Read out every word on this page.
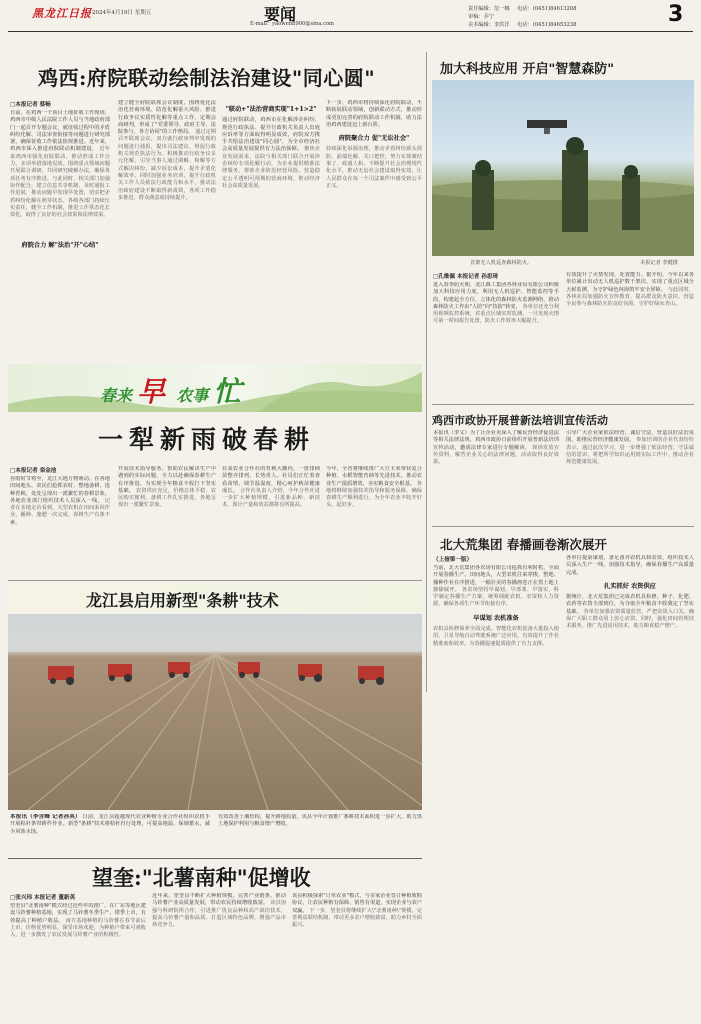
黑龙江日报 2024年4月19日 星期五	要闻
E-mail：yaowen8900@sina.com
责任编辑：范一娜 电话：(0451)84613208
审稿：乔宁
美术编辑：李洪洋 电话：(0451)84653238	3
鸡西:府院联动绘制法治建设"同心圆"
□本报记者 蔡畅
日前，在鸡西一个项目土地征收工作现场，鸡西市中级人民法院工作人员与当地政府部门一起召开专题会议，就征收过程中的矛盾纠纷化解、司法审查衔接等问题进行研究部署，确保征收工作依法依规推进。近年来，鸡西市深入推进府院联动机制建设， 近年来鸡西市强化府院联动，推动形成工作合力，多项举措落地见效。围绕重点领域问题开展联合调研，共同研究破解办法，确保各项任务有序推进。与此同时，相关部门加强协作配合，建立信息共享机制，及时通报工作进展，推动问题早发现早处置，切实把矛盾纠纷化解在萌芽状态。各级各部门持续压实责任，健全工作机制，推进工作常态化长效化，取得了良好的社会效果和法律效果。
府院合力 解"法治"开"心结"
建立健全府院联席会议制度，围绕优化法治化营商环境、防范化解重大风险、推进行政争议实质性化解等重点工作，定期会商研判，形成了"党委领导、政府主导、法院参与、各方协同"的工作格局。 通过定期召开联席会议，双方就行政审判中发现的问题进行通报，提出司法建议，督促行政机关规范执法行为。积极推动行政争议多元化解，引导当事人通过调解、和解等方式解决纠纷，减少诉讼成本，提升矛盾化解效率。同时加强业务培训，提升行政机关工作人员依法行政能力和水平，推动法治政府建设不断取得新成效，各项工作稳步推进，群众满意度持续提升。
"联动+"法治营商实现"1+1>2"
通过府院联动，鸡西市在化解涉企纠纷、规范行政执法、提升行政机关负责人出庭应诉率等方面取得明显成效，府院双方携手共绘法治建设"同心圆"，为全市经济社会高质量发展提供有力法治保障。 聚焦企业发展需求，法院与相关部门联合开展涉企纠纷专项化解行动，为企业提供精准法律服务，帮助企业防范经营风险，营造稳定公平透明可预期的营商环境，推动经济社会高质量发展。
下一步，鸡西市将持续深化府院联动，不断拓展联动领域，创新联动方式，推动形成更加完善的府院联动工作机制，助力法治鸡西建设迈上新台阶。
府院聚合力 促"无讼社会"
持续深化诉源治理，推动矛盾纠纷源头预防、前端化解、关口把控，努力实现案结事了、政通人和，不断提升社会治理现代化水平，推动无讼社会建设取得实效，让人民群众在每一个司法案件中感受到公平正义。
加大科技应用 开启"智慧森防"
首架无人机巡查森林防火。	本报记者 李健摄
□孔维佩 本报记者 孙思琦
进入春季防火期，龙江森工集团各林业局有限公司积极加大科技应用力度，利用无人机巡护、智能监控等手段，构建起全方位、立体化的森林防火监测网络，推动森林防火工作由"人防"向"技防"转变， 各单位还充分利用视频监控系统，对重点区域实时监测，一旦发现火情可第一时间报告处置，防火工作效率大幅提升。
有效提升了火情发现、处置能力。据介绍，今年以来各单位累计出动无人机巡护数千架次，实现了重点区域全天候监测，为守护绿色林海筑牢安全屏障。 与此同时，各林业局加强防火宣传教育，提高群众防火意识，营造全民参与森林防火的良好氛围，守护好绿水青山。
鸡西市政协开展普新法培训宣传活动
本报讯（李文）为了让企业更深入了解民营经济促进法等相关法律法规，鸡西市政协日前组织开展普新法培训宣传活动，邀请法律专家进行专题解读， 现场发放宣传资料，解答企业关心的法律问题，活动取得良好效果。
引导广大企业家依法经营、诚信守法，营造良好法治氛围，助推民营经济健康发展。 参加培训的企业代表纷纷表示，通过此次学习，进一步增强了依法经营、守法诚信的意识，将把所学知识运用到实际工作中，推动企业规范健康发展。
北大荒集团 春播画卷渐次展开
（上接第一版）
当前，北大荒集团各农场有限公司抢抓有利时机，全面开展春播生产。田间地头，大型农机往来穿梭，整地、播种作业有序推进，一幅壮美的春播画卷正在黑土地上徐徐展开。 各农场坚持早谋划、早部署、早落实，科学制定春播生产方案，统筹调配农机、农资和人力资源，确保各项生产环节衔接有序。
早谋划 农机准备
农机具检修保养全面完成，智能化农机装备大量投入使用，卫星导航自动驾驶系统广泛应用，有效提升了作业精准度和效率，为春播提速提质提供了有力支撑。
各单位提前谋划，备足备齐农机具和农资，组织技术人员深入生产一线，加强技术指导，确保春播生产高质量完成。
扎实抓好 农资供应
据统计，北大荒集团已完成农机具检修，种子、化肥、农药等农资全部到位，为夺取全年粮食丰收奠定了坚实基础。 各单位加强农资质量监管，严把农资入口关，确保广大职工群众用上放心农资。同时，强化田间管理技术服务，推广先进适用技术，助力粮食稳产增产。
春来 早 农事 忙
一犁新雨破春耕
□本报记者 栾金池
谷雨时节将至，龙江大地万物萌动。在各地田间地头，农民们抢抓农时，整地备耕、选种育秧，处处呈现出一派繁忙的春耕景象。各地农业部门组织技术人员深入一线， 记者在多地走访看到，大型农机在田间来回作业，播种、施肥一次完成，春耕生产有条不紊。
开展技术指导服务，帮助农民解决生产中遇到的实际问题，全力以赴确保春耕生产有序推进，为实现全年粮食丰收打下坚实基础。 农资供应充足，价格总体平稳，农民购买便利，备耕工作扎实推进，各地呈现出一派繁忙景象。
在某农业合作社的育秧大棚内，一排排秧苗整齐排列，长势喜人。社员们正忙着查看苗情、调节温湿度，精心呵护秧苗健康成长。 合作社负责人介绍，今年合作社进一步扩大种植规模，引进新品种、新技术，预计产量和效益都将有所提高。
今年，全省将继续推广大豆玉米带状复合种植、水稻智能育秧等先进技术，推动农业生产提质增效，夯实粮食安全根基。 各地将继续加强技术指导和服务保障，确保春耕生产顺利进行，为全年农业丰收开好头、起好步。
龙江县启用新型"条耕"技术
本报讯（李含峰 记者孙英） 日前，龙江县超越现代农业种植专业合作社组织农机手开展秸秆条带耕作作业。新型"条耕"技术将秸秆归行处理，可提高地温、保墒蓄水，减少风蚀水蚀，
有效改善土壤结构，提升耕地质量。该县今年计划推广条耕技术面积进一步扩大，助力黑土地保护利用与粮食增产增收。
望奎:"北薯南种"促增收
□张兴玮 本报记者 董新英
望奎县"北薯南种"模式经过近些年的推广，在广东等地区建设马铃薯种植基地，实现了马铃薯冬季生产、错季上市，有效提高了种植户收益。 南方基地种植的马铃薯在春节前后上市，价格优势明显，深受市场欢迎，为种植户带来可观收入，进一步激发了农民发展马铃薯产业的积极性。
近年来，望奎县不断扩大种植规模，完善产业链条，推动马铃薯产业高质量发展，带动农民持续增收致富。 该县加强与科研院所合作，引进推广优良品种和高产栽培技术，提高马铃薯产量和品质，打造区域特色品牌，增强产品市场竞争力。
该县积极探索"订单农业"模式，与多家企业签订种植收购协议，让农民种植有保障、销售有渠道，实现企业与农户双赢。 下一步，望奎县将继续扩大\"北薯南种\"规模，完善利益联结机制，带动更多农户增收致富，助力乡村全面振兴。
